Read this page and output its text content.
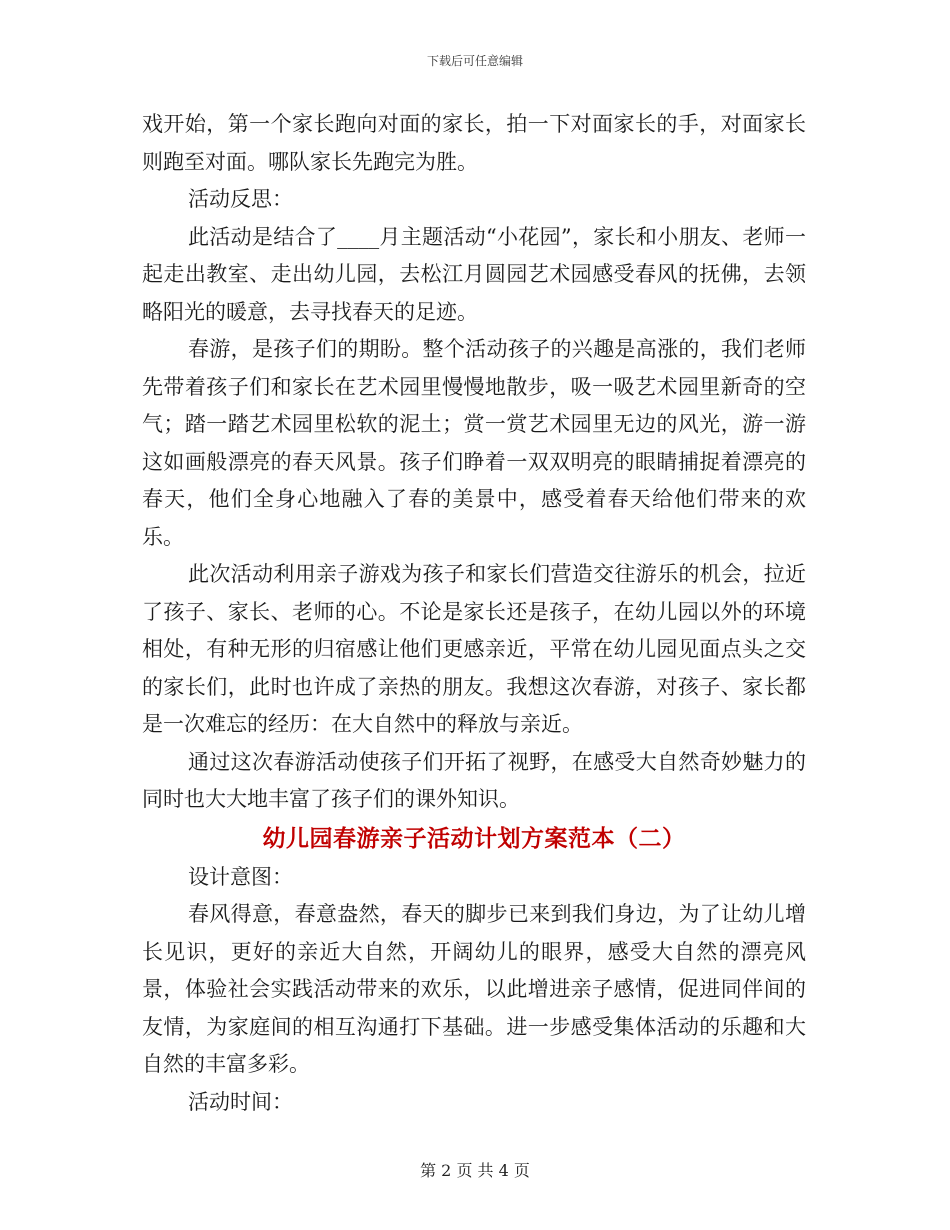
下载后可任意编辑

戏开始，第一个家长跑向对面的家长，拍一下对面家长的手，对面家长则跑至对面。哪队家长先跑完为胜。

活动反思：

此活动是结合了____月主题活动“小花园”，家长和小朋友、老师一起走出教室、走出幼儿园，去松江月圆园艺术园感受春风的抚佛，去领略阳光的暖意，去寻找春天的足迹。

春游，是孩子们的期盼。整个活动孩子的兴趣是高涨的，我们老师先带着孩子们和家长在艺术园里慢慢地散步，吸一吸艺术园里新奇的空气；踏一踏艺术园里松软的泥土；赏一赏艺术园里无边的风光，游一游这如画般漂亮的春天风景。孩子们睁着一双双明亮的眼睛捕捉着漂亮的春天，他们全身心地融入了春的美景中，感受着春天给他们带来的欢乐。

此次活动利用亲子游戏为孩子和家长们营造交往游乐的机会，拉近了孩子、家长、老师的心。不论是家长还是孩子，在幼儿园以外的环境相处，有种无形的归宿感让他们更感亲近，平常在幼儿园见面点头之交的家长们，此时也许成了亲热的朋友。我想这次春游，对孩子、家长都是一次难忘的经历：在大自然中的释放与亲近。

通过这次春游活动使孩子们开拓了视野，在感受大自然奇妙魅力的同时也大大地丰富了孩子们的课外知识。

幼儿园春游亲子活动计划方案范本（二）

设计意图：

春风得意，春意盎然，春天的脚步已来到我们身边，为了让幼儿增长见识，更好的亲近大自然，开阔幼儿的眼界，感受大自然的漂亮风景，体验社会实践活动带来的欢乐，以此增进亲子感情，促进同伴间的友情，为家庭间的相互沟通打下基础。进一步感受集体活动的乐趣和大自然的丰富多彩。

活动时间：

第 2 页 共 4 页
